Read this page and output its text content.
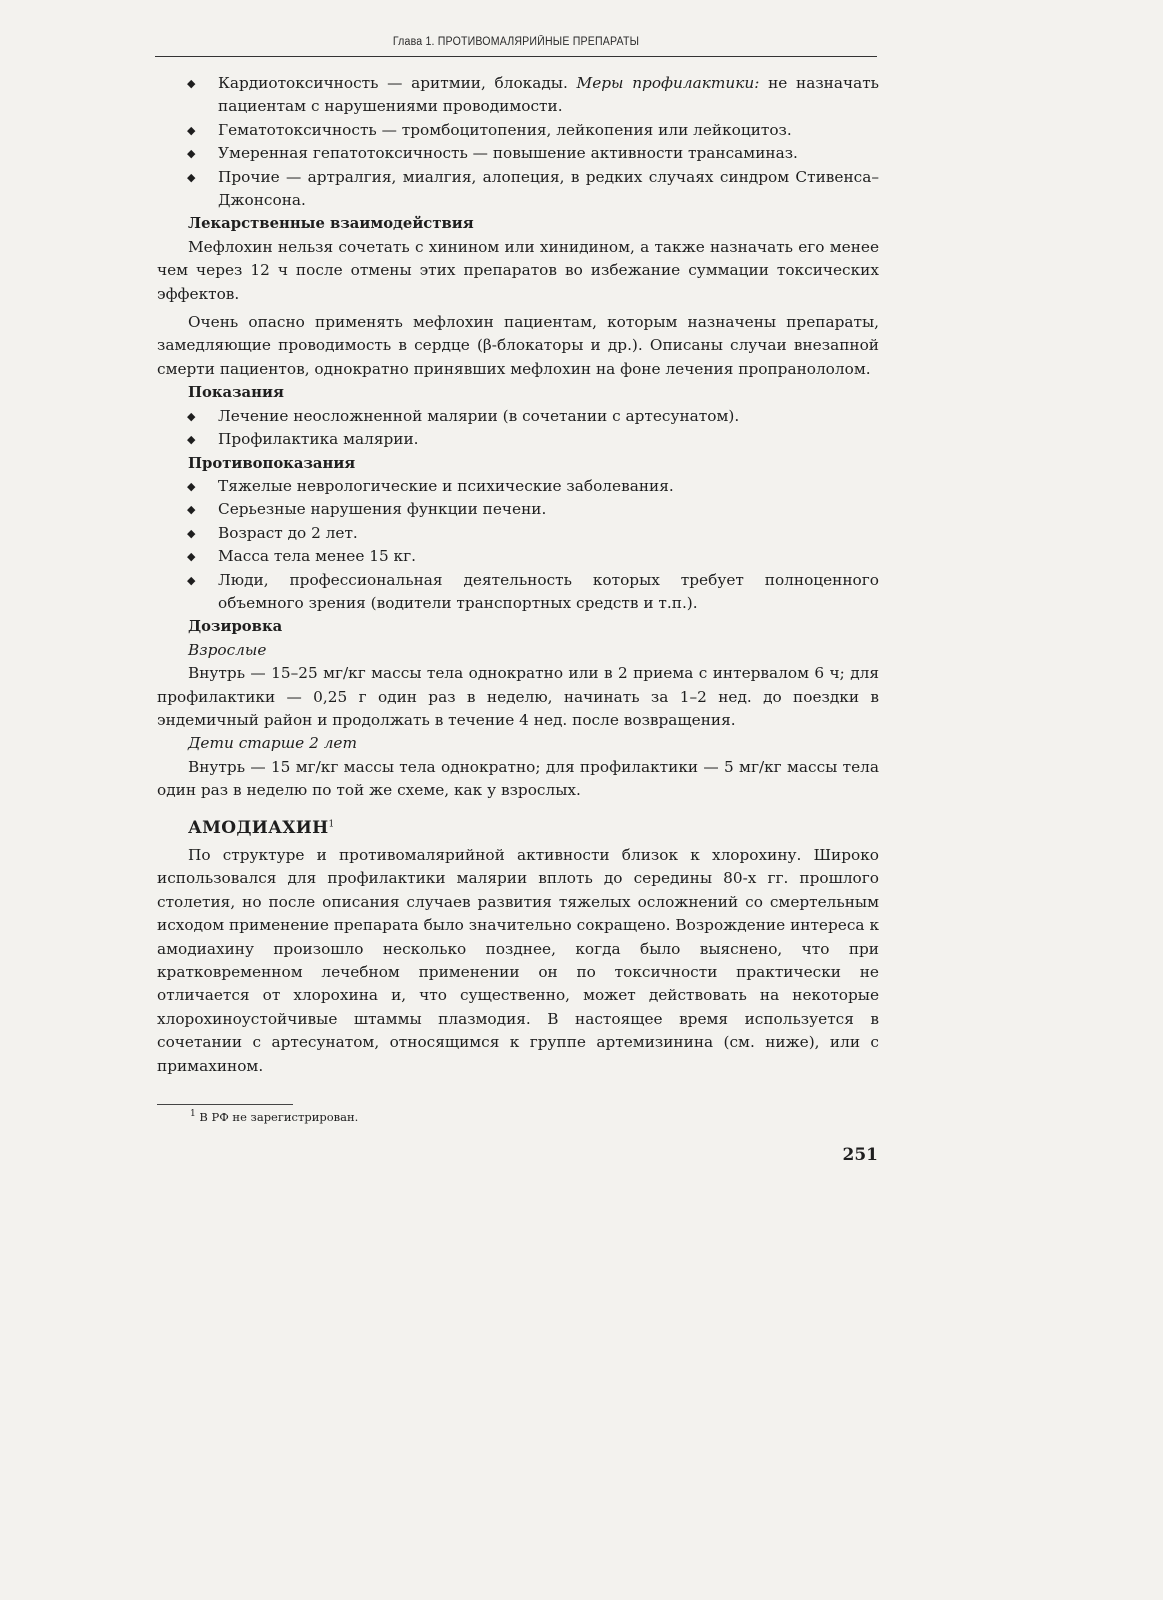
Глава 1. ПРОТИВОМАЛЯРИЙНЫЕ ПРЕПАРАТЫ
◆ Кардиотоксичность — аритмии, блокады. Меры профилактики: не назначать пациентам с нарушениями проводимости.
◆ Гематотоксичность — тромбоцитопения, лейкопения или лейкоцитоз.
◆ Умеренная гепатотоксичность — повышение активности трансаминаз.
◆ Прочие — артралгия, миалгия, алопеция, в редких случаях синдром Стивенса–Джонсона.

Лекарственные взаимодействия

Мефлохин нельзя сочетать с хинином или хинидином, а также назначать его менее чем через 12 ч после отмены этих препаратов во избежание суммации токсических эффектов.

Очень опасно применять мефлохин пациентам, которым назначены препараты, замедляющие проводимость в сердце (β-блокаторы и др.). Описаны случаи внезапной смерти пациентов, однократно принявших мефлохин на фоне лечения пропранололом.

Показания

◆ Лечение неосложненной малярии (в сочетании с артесунатом).
◆ Профилактика малярии.

Противопоказания

◆ Тяжелые неврологические и психические заболевания.
◆ Серьезные нарушения функции печени.
◆ Возраст до 2 лет.
◆ Масса тела менее 15 кг.
◆ Люди, профессиональная деятельность которых требует полноценного объемного зрения (водители транспортных средств и т.п.).

Дозировка

Взрослые

Внутрь — 15–25 мг/кг массы тела однократно или в 2 приема с интервалом 6 ч; для профилактики — 0,25 г один раз в неделю, начинать за 1–2 нед. до поездки в эндемичный район и продолжать в течение 4 нед. после возвращения.

Дети старше 2 лет

Внутрь — 15 мг/кг массы тела однократно; для профилактики — 5 мг/кг массы тела один раз в неделю по той же схеме, как у взрослых.

АМОДИАХИН$^1$

По структуре и противомалярийной активности близок к хлорохину. Широко использовался для профилактики малярии вплоть до середины 80-х гг. прошлого столетия, но после описания случаев развития тяжелых осложнений со смертельным исходом применение препарата было значительно сокращено. Возрождение интереса к амодиахину произошло несколько позднее, когда было выяснено, что при кратковременном лечебном применении он по токсичности практически не отличается от хлорохина и, что существенно, может действовать на некоторые хлорохиноустойчивые штаммы плазмодия. В настоящее время используется в сочетании с артесунатом, относящимся к группе артемизинина (см. ниже), или с примахином.

$^1$ В РФ не зарегистрирован.
251
